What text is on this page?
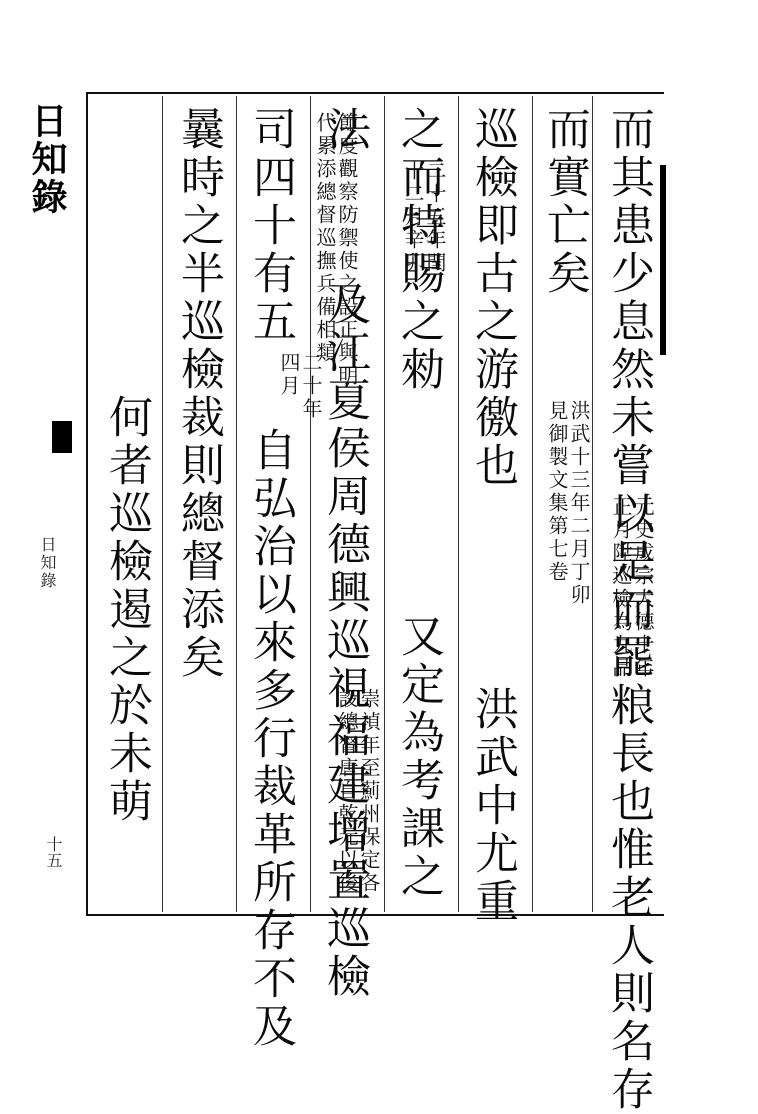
日知錄
日知錄
十五	而其患少息然未嘗以是而罷粮長也惟老人則名存
而實亡矣
巡檢即古之游徼也
元史成宗大德十年
正月陞巡檢為九品
洪武中尤重
之而特賜之勑
洪武十三年二月丁卯
見御製文集第七卷
又定為考課之
法
二十五年閏
十二月辛卯
及江夏侯周德興巡視福建增置巡檢
司四十有五
二十年
四月
自弘治以來多行裁革所存不及
曩時之半巡檢裁則總督添矣
崇禎年至薊州保定各
設總督唐自乾元以後
節度觀察防禦使之設正與明
代累添總督巡撫兵備相類
何者巡檢遏之於未萌
